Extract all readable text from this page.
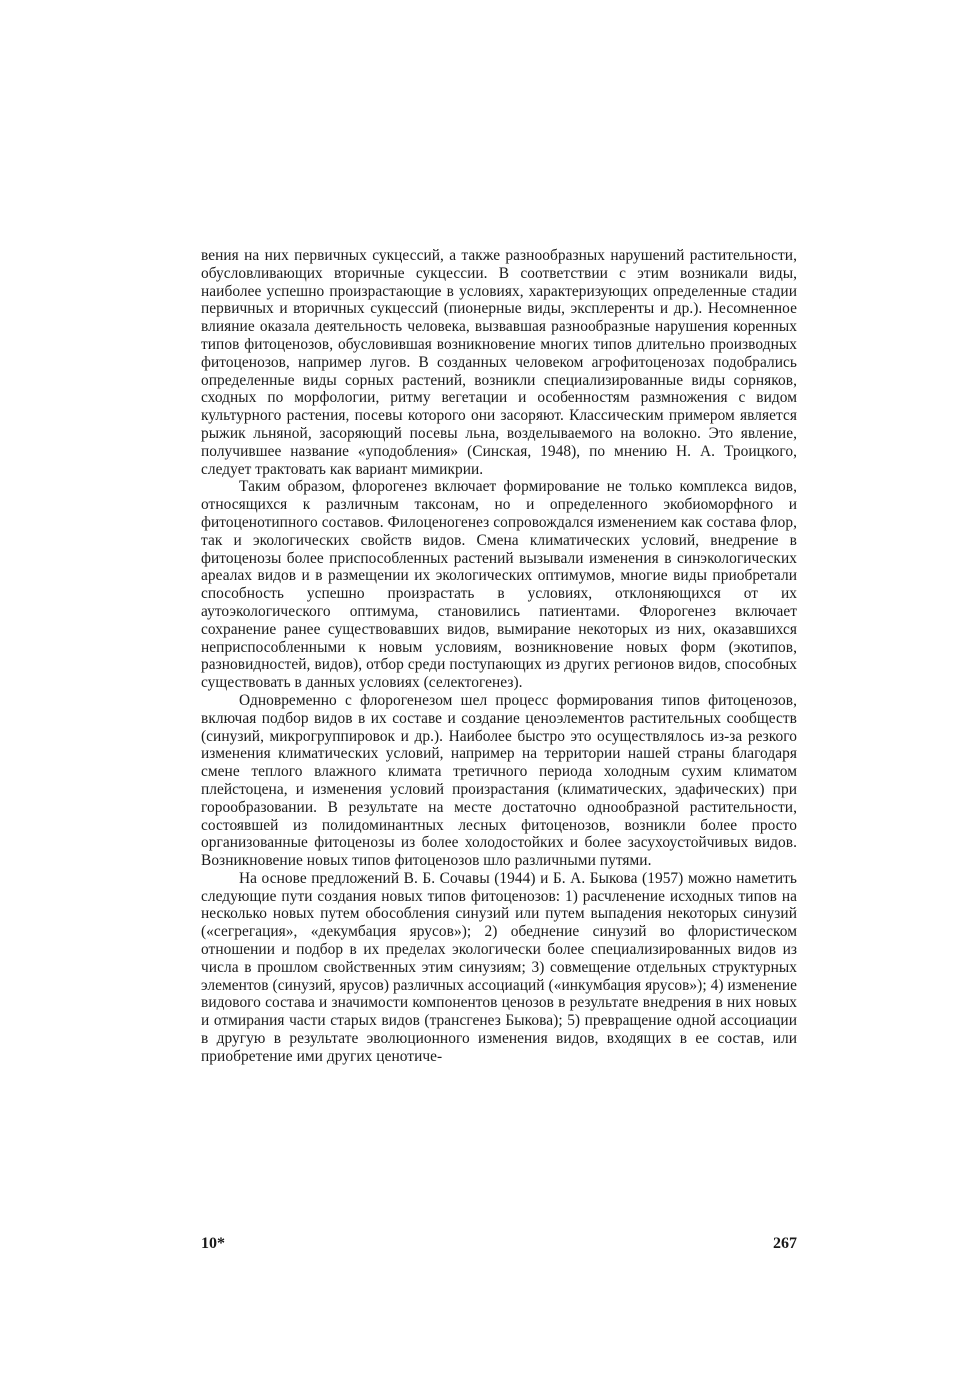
вения на них первичных сукцессий, а также разнообразных нарушений растительности, обусловливающих вторичные сукцессии. В соответствии с этим возникали виды, наиболее успешно произрастающие в условиях, характеризующих определенные стадии первичных и вторичных сукцессий (пионерные виды, эксплеренты и др.). Несомненное влияние оказала деятельность человека, вызвавшая разнообразные нарушения коренных типов фитоценозов, обусловившая возникновение многих типов длительно производных фитоценозов, например лугов. В созданных человеком агрофитоценозах подобрались определенные виды сорных растений, возникли специализированные виды сорняков, сходных по морфологии, ритму вегетации и особенностям размножения с видом культурного растения, посевы которого они засоряют. Классическим примером является рыжик льняной, засоряющий посевы льна, возделываемого на волокно. Это явление, получившее название «уподобления» (Синская, 1948), по мнению Н. А. Троицкого, следует трактовать как вариант мимикрии.

Таким образом, флорогенез включает формирование не только комплекса видов, относящихся к различным таксонам, но и определенного экобиоморфного и фитоценотипного составов. Филоценогенез сопровождался изменением как состава флор, так и экологических свойств видов. Смена климатических условий, внедрение в фитоценозы более приспособленных растений вызывали изменения в синэкологических ареалах видов и в размещении их экологических оптимумов, многие виды приобретали способность успешно произрастать в условиях, отклоняющихся от их аутоэкологического оптимума, становились патиентами. Флорогенез включает сохранение ранее существовавших видов, вымирание некоторых из них, оказавшихся неприспособленными к новым условиям, возникновение новых форм (экотипов, разновидностей, видов), отбор среди поступающих из других регионов видов, способных существовать в данных условиях (селектогенез).

Одновременно с флорогенезом шел процесс формирования типов фитоценозов, включая подбор видов в их составе и создание ценоэлементов растительных сообществ (синузий, микрогруппировок и др.). Наиболее быстро это осуществлялось из-за резкого изменения климатических условий, например на территории нашей страны благодаря смене теплого влажного климата третичного периода холодным сухим климатом плейстоцена, и изменения условий произрастания (климатических, эдафических) при горообразовании. В результате на месте достаточно однообразной растительности, состоявшей из полидоминантных лесных фитоценозов, возникли более просто организованные фитоценозы из более холодостойких и более засухоустойчивых видов. Возникновение новых типов фитоценозов шло различными путями.

На основе предложений В. Б. Сочавы (1944) и Б. А. Быкова (1957) можно наметить следующие пути создания новых типов фитоценозов: 1) расчленение исходных типов на несколько новых путем обособления синузий или путем выпадения некоторых синузий («сегрегация», «декумбация ярусов»); 2) обеднение синузий во флористическом отношении и подбор в их пределах экологически более специализированных видов из числа в прошлом свойственных этим синузиям; 3) совмещение отдельных структурных элементов (синузий, ярусов) различных ассоциаций («инкумбация ярусов»); 4) изменение видового состава и значимости компонентов ценозов в результате внедрения в них новых и отмирания части старых видов (трансгенез Быкова); 5) превращение одной ассоциации в другую в результате эволюционного изменения видов, входящих в ее состав, или приобретение ими других ценотиче-

10*	267
